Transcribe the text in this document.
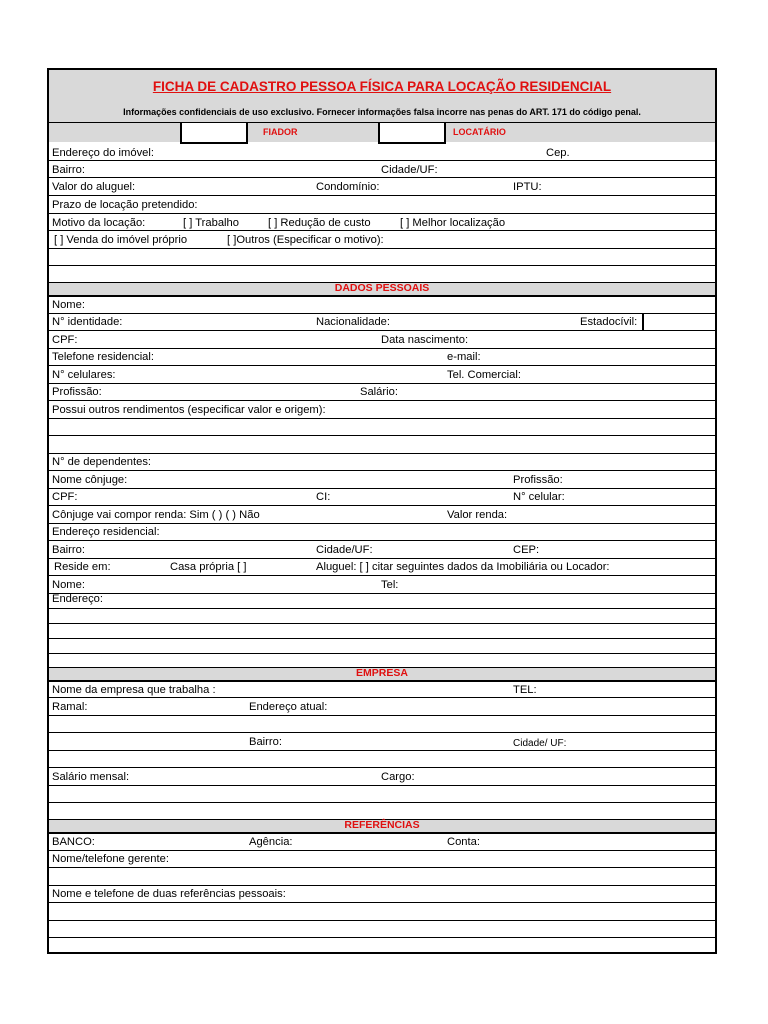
FICHA DE CADASTRO PESSOA FÍSICA PARA LOCAÇÃO RESIDENCIAL
Informações confidenciais de uso exclusivo. Fornecer informações falsa incorre nas penas do ART. 171 do código penal.
FIADOR	LOCATÁRIO
Endereço do imóvel:	Cep.
Bairro:	Cidade/UF:
Valor do aluguel:	Condomínio:	IPTU:
Prazo de locação pretendido:
Motivo da locação:	[ ] Trabalho	[ ] Redução de custo	[ ] Melhor localização
[ ] Venda do imóvel próprio	[ ]Outros (Especificar o motivo):
DADOS PESSOAIS
Nome:
N° identidade:	Nacionalidade:	Estadocívil:
CPF:	Data nascimento:
Telefone residencial:	e-mail:
N° celulares:	Tel. Comercial:
Profissão:	Salário:
Possui outros rendimentos (especificar valor e origem):
N° de dependentes:
Nome cônjuge:	Profissão:
CPF:	CI:	N° celular:
Cônjuge vai compor renda: Sim ( ) ( ) Não	Valor renda:
Endereço residencial:
Bairro:	Cidade/UF:	CEP:
Reside em:	Casa própria [ ]	Aluguel: [ ] citar seguintes dados da Imobiliária ou Locador:
Nome:	Tel:
Endereço:
EMPRESA
Nome da empresa que trabalha :	TEL:
Ramal:	Endereço atual:
Bairro:	Cidade/ UF:
Salário mensal:	Cargo:
REFERÊNCIAS
BANCO:	Agência:	Conta:
Nome/telefone gerente:
Nome e telefone de duas referências pessoais:
